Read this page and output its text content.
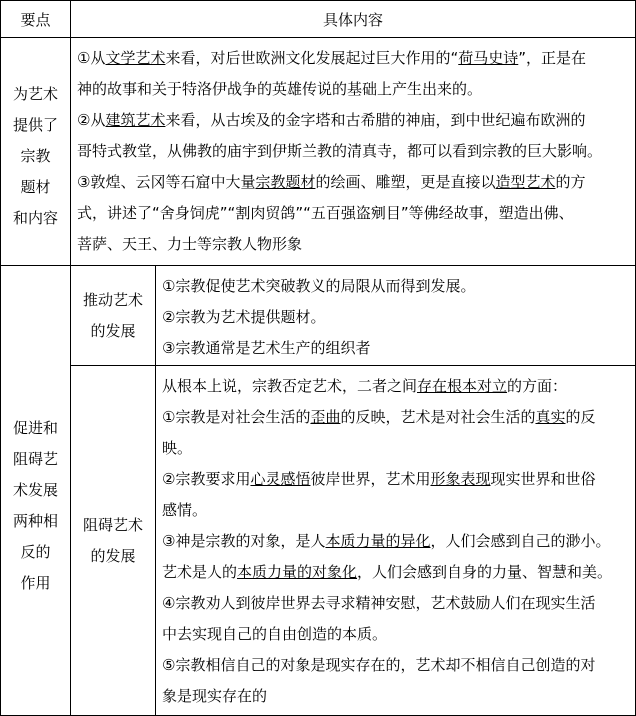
要点	具体内容
为艺术
提供了
宗教
题材
和内容
①从文学艺术来看，对后世欧洲文化发展起过巨大作用的“荷马史诗”，正是在
神的故事和关于特洛伊战争的英雄传说的基础上产生出来的。
②从建筑艺术来看，从古埃及的金字塔和古希腊的神庙，到中世纪遍布欧洲的
哥特式教堂，从佛教的庙宇到伊斯兰教的清真寺，都可以看到宗教的巨大影响。
③敦煌、云冈等石窟中大量宗教题材的绘画、雕塑，更是直接以造型艺术的方
式，讲述了“舍身饲虎”“割肉贸鸽”“五百强盗剜目”等佛经故事，塑造出佛、
菩萨、天王、力士等宗教人物形象
促进和
阻碍艺
术发展
两种相
反的
作用
推动艺术
的发展
①宗教促使艺术突破教义的局限从而得到发展。
②宗教为艺术提供题材。
③宗教通常是艺术生产的组织者
阻碍艺术
的发展
从根本上说，宗教否定艺术，二者之间存在根本对立的方面：
①宗教是对社会生活的歪曲的反映，艺术是对社会生活的真实的反
映。
②宗教要求用心灵感悟彼岸世界，艺术用形象表现现实世界和世俗
感情。
③神是宗教的对象，是人本质力量的异化，人们会感到自己的渺小。
艺术是人的本质力量的对象化，人们会感到自身的力量、智慧和美。
④宗教劝人到彼岸世界去寻求精神安慰，艺术鼓励人们在现实生活
中去实现自己的自由创造的本质。
⑤宗教相信自己的对象是现实存在的，艺术却不相信自己创造的对
象是现实存在的
